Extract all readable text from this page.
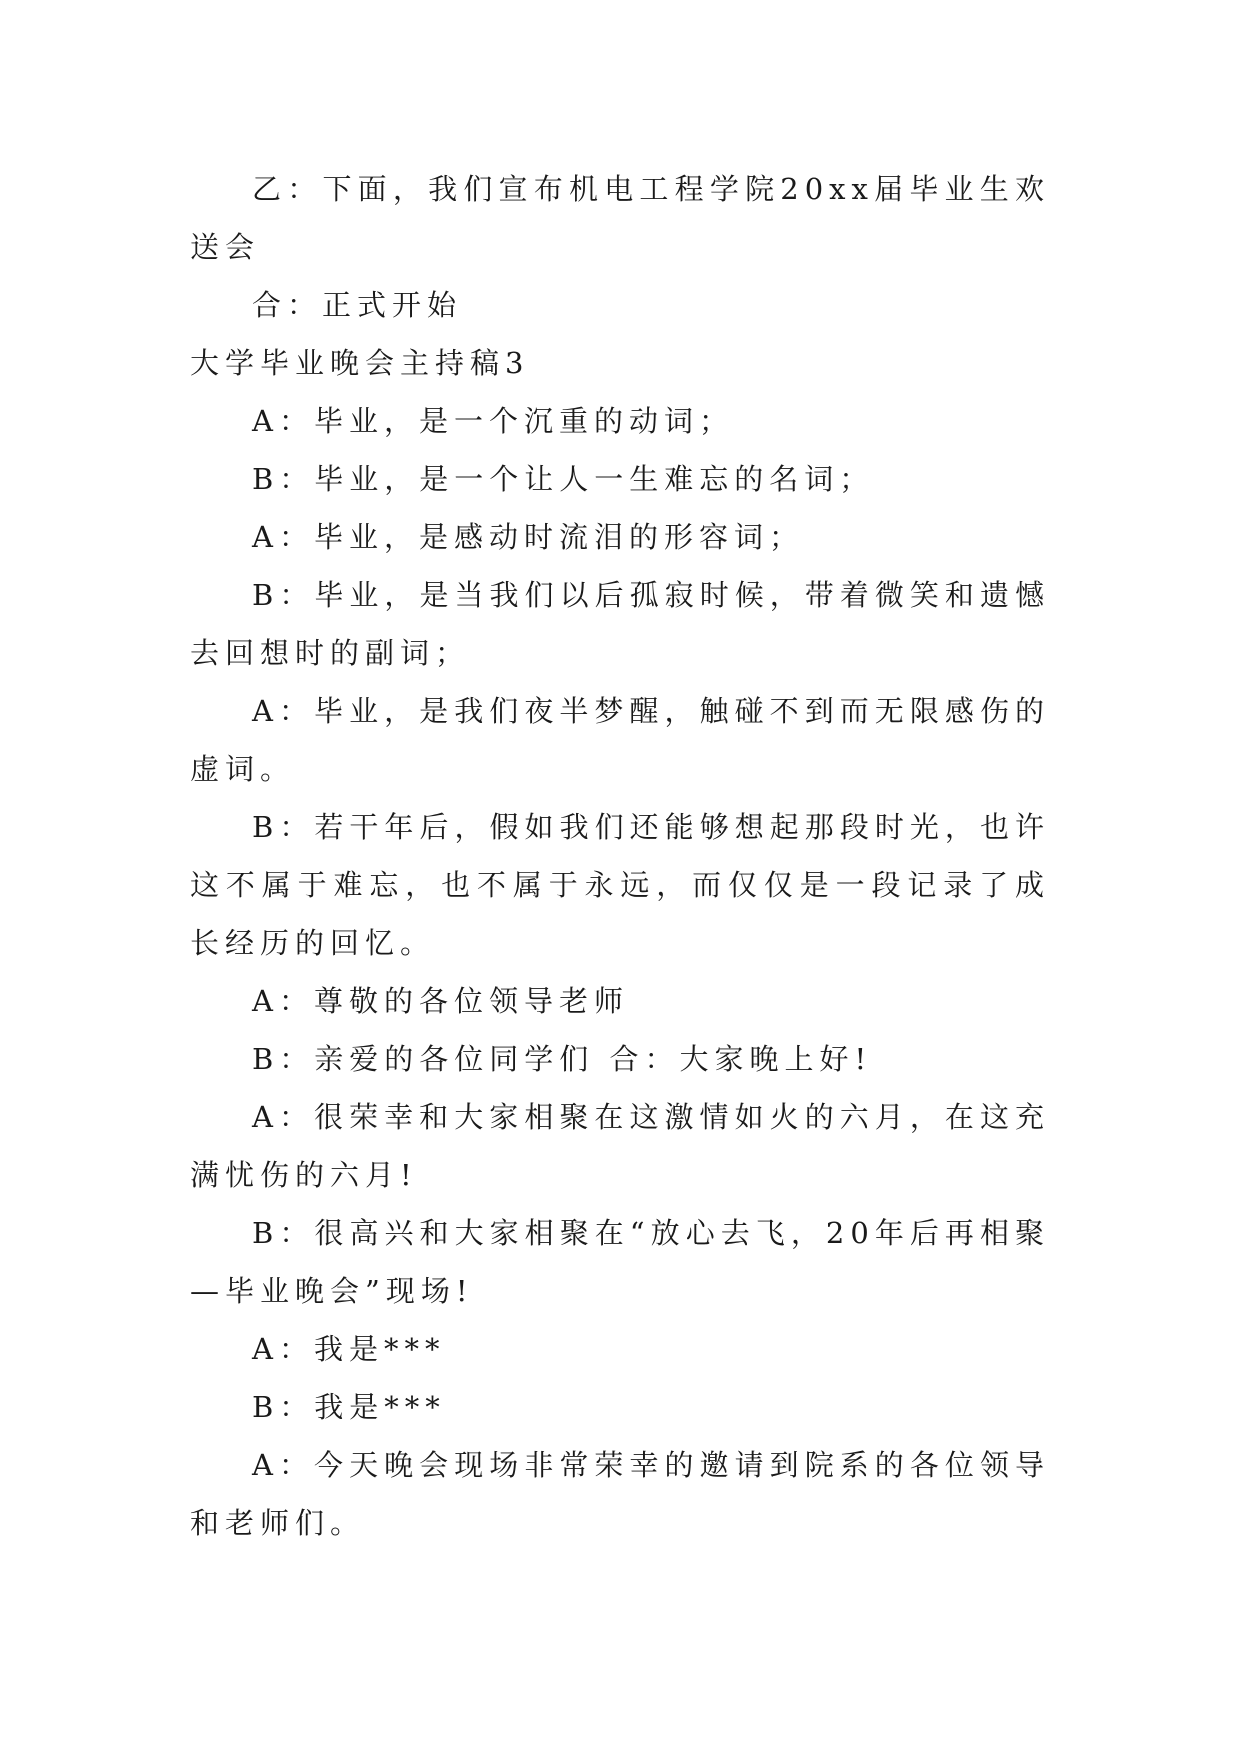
乙：下面，我们宣布机电工程学院20xx届毕业生欢送会

合：正式开始

大学毕业晚会主持稿3

A：毕业，是一个沉重的动词；

B：毕业，是一个让人一生难忘的名词；

A：毕业，是感动时流泪的形容词；

B：毕业，是当我们以后孤寂时候，带着微笑和遗憾去回想时的副词；

A：毕业，是我们夜半梦醒，触碰不到而无限感伤的虚词。

B：若干年后，假如我们还能够想起那段时光，也许这不属于难忘，也不属于永远，而仅仅是一段记录了成长经历的回忆。

A：尊敬的各位领导老师

B：亲爱的各位同学们 合：大家晚上好!

A：很荣幸和大家相聚在这激情如火的六月，在这充满忧伤的六月!

B：很高兴和大家相聚在“放心去飞，20年后再相聚—毕业晚会”现场!

A：我是***

B：我是***

A：今天晚会现场非常荣幸的邀请到院系的各位领导和老师们。
